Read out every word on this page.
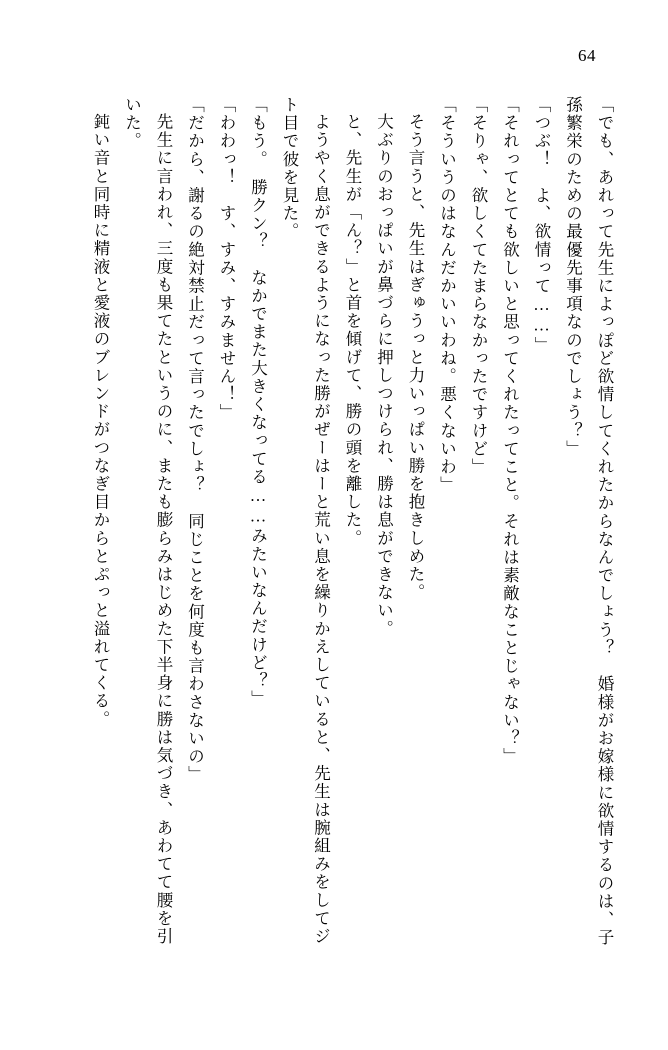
64
「でも、あれって先生によっぽど欲情してくれたからなんでしょう？　婚様がお嫁様に欲情するのは、子孫繁栄のための最優先事項なのでしょう？」
「つぶ！　よ、欲情って……」
「それってとても欲しいと思ってくれたってこと。それは素敵なことじゃない？」
「そりゃ、欲しくてたまらなかったですけど」
「そういうのはなんだかいいわね。悪くないわ」
そう言うと、先生はぎゅうっと力いっぱい勝を抱きしめた。
大ぶりのおっぱいが鼻づらに押しつけられ、勝は息ができない。
と、先生が「ん？」と首を傾げて、勝の頭を離した。
ようやく息ができるようになった勝がぜーはーと荒い息を繰りかえしていると、先生は腕組みをしてジト目で彼を見た。
「もう。　勝クン？　なかでまた大きくなってる……みたいなんだけど？」
「わわっ！　す、すみ、すみません！」
「だから、謝るの絶対禁止だって言ったでしょ？　同じことを何度も言わさないの」
先生に言われ、三度も果てたというのに、またも膨らみはじめた下半身に勝は気づき、あわてて腰を引いた。
鈍い音と同時に精液と愛液のブレンドがつなぎ目からとぷっと溢れてくる。
